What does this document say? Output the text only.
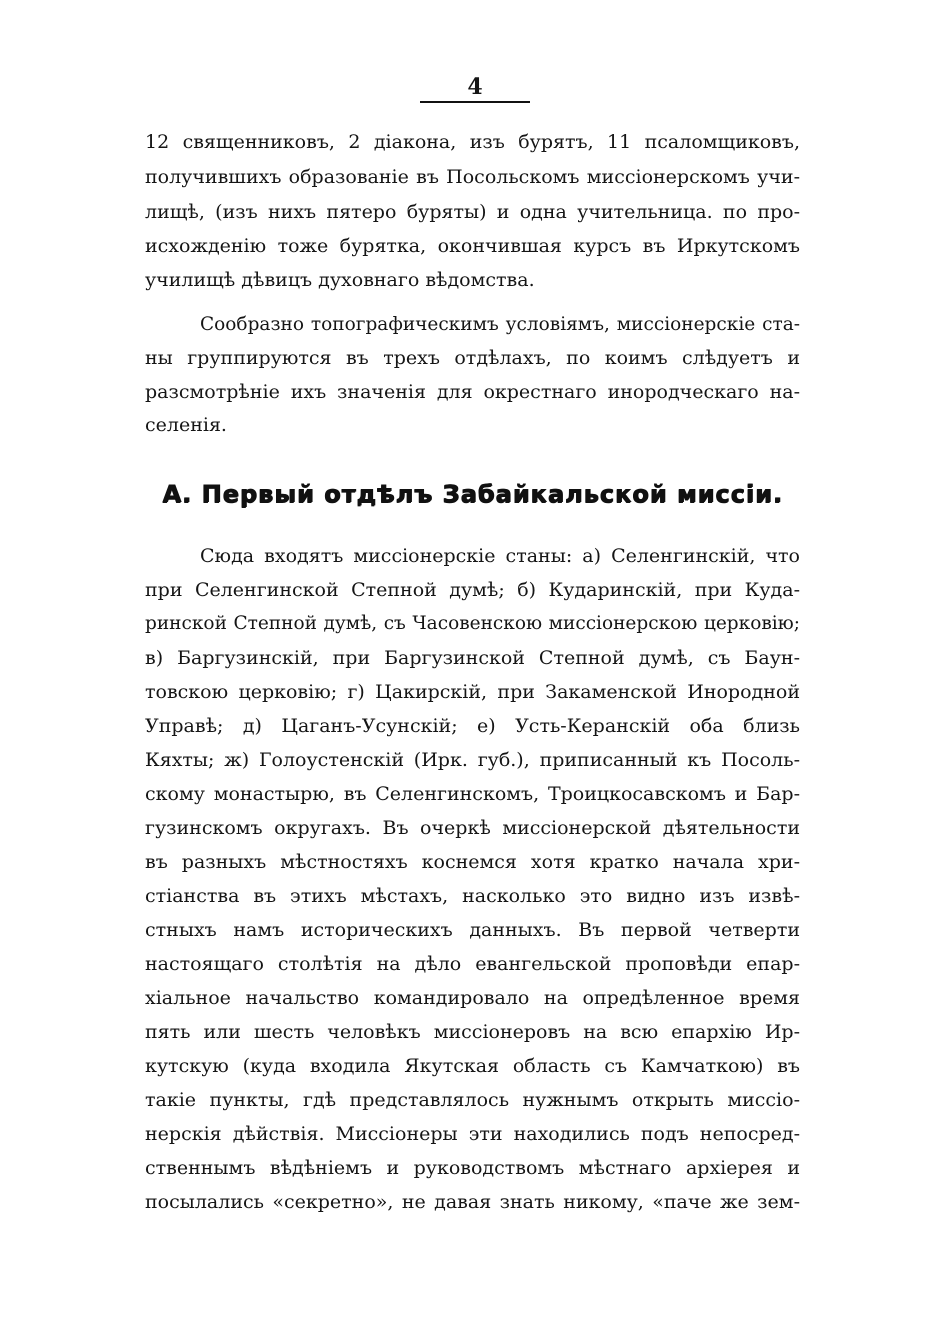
4
12 священниковъ, 2 діакона, изъ бурятъ, 11 псаломщиковъ,
получившихъ образованіе въ Посольскомъ миссіонерскомъ учи-
лищѣ, (изъ нихъ пятеро буряты) и одна учительница. по про-
исхожденію тоже бурятка, окончившая курсъ въ Иркутскомъ
училищѣ дѣвицъ духовнаго вѣдомства.
Сообразно топографическимъ условіямъ, миссіонерскіе ста-
ны группируются въ трехъ отдѣлахъ, по коимъ слѣдуетъ и
разсмотрѣніе ихъ значенія для окрестнаго инородческаго на-
селенія.
А. Первый отдѣлъ Забайкальской миссіи.
Сюда входятъ миссіонерскіе станы: а) Селенгинскій, что
при Селенгинской Степной думѣ; б) Кударинскій, при Куда-
ринской Степной думѣ, съ Часовенскою миссіонерскою церковію;
в) Баргузинскій, при Баргузинской Степной думѣ, съ Баун-
товскою церковію; г) Цакирскій, при Закаменской Инородной
Управѣ; д) Цаганъ-Усунскій; е) Усть-Керанскій оба близь
Кяхты; ж) Голоустенскій (Ирк. губ.), приписанный къ Посоль-
скому монастырю, въ Селенгинскомъ, Троицкосавскомъ и Бар-
гузинскомъ округахъ. Въ очеркѣ миссіонерской дѣятельности
въ разныхъ мѣстностяхъ коснемся хотя кратко начала хри-
стіанства въ этихъ мѣстахъ, насколько это видно изъ извѣ-
стныхъ намъ историческихъ данныхъ. Въ первой четверти
настоящаго столѣтія на дѣло евангельской проповѣди епар-
хіальное начальство командировало на опредѣленное время
пять или шесть человѣкъ миссіонеровъ на всю епархію Ир-
кутскую (куда входила Якутская область съ Камчаткою) въ
такіе пункты, гдѣ представлялось нужнымъ открыть миссіо-
нерскія дѣйствія. Миссіонеры эти находились подъ непосред-
ственнымъ вѣдѣніемъ и руководствомъ мѣстнаго архіерея и
посылались «секретно», не давая знать никому, «паче же зем-
